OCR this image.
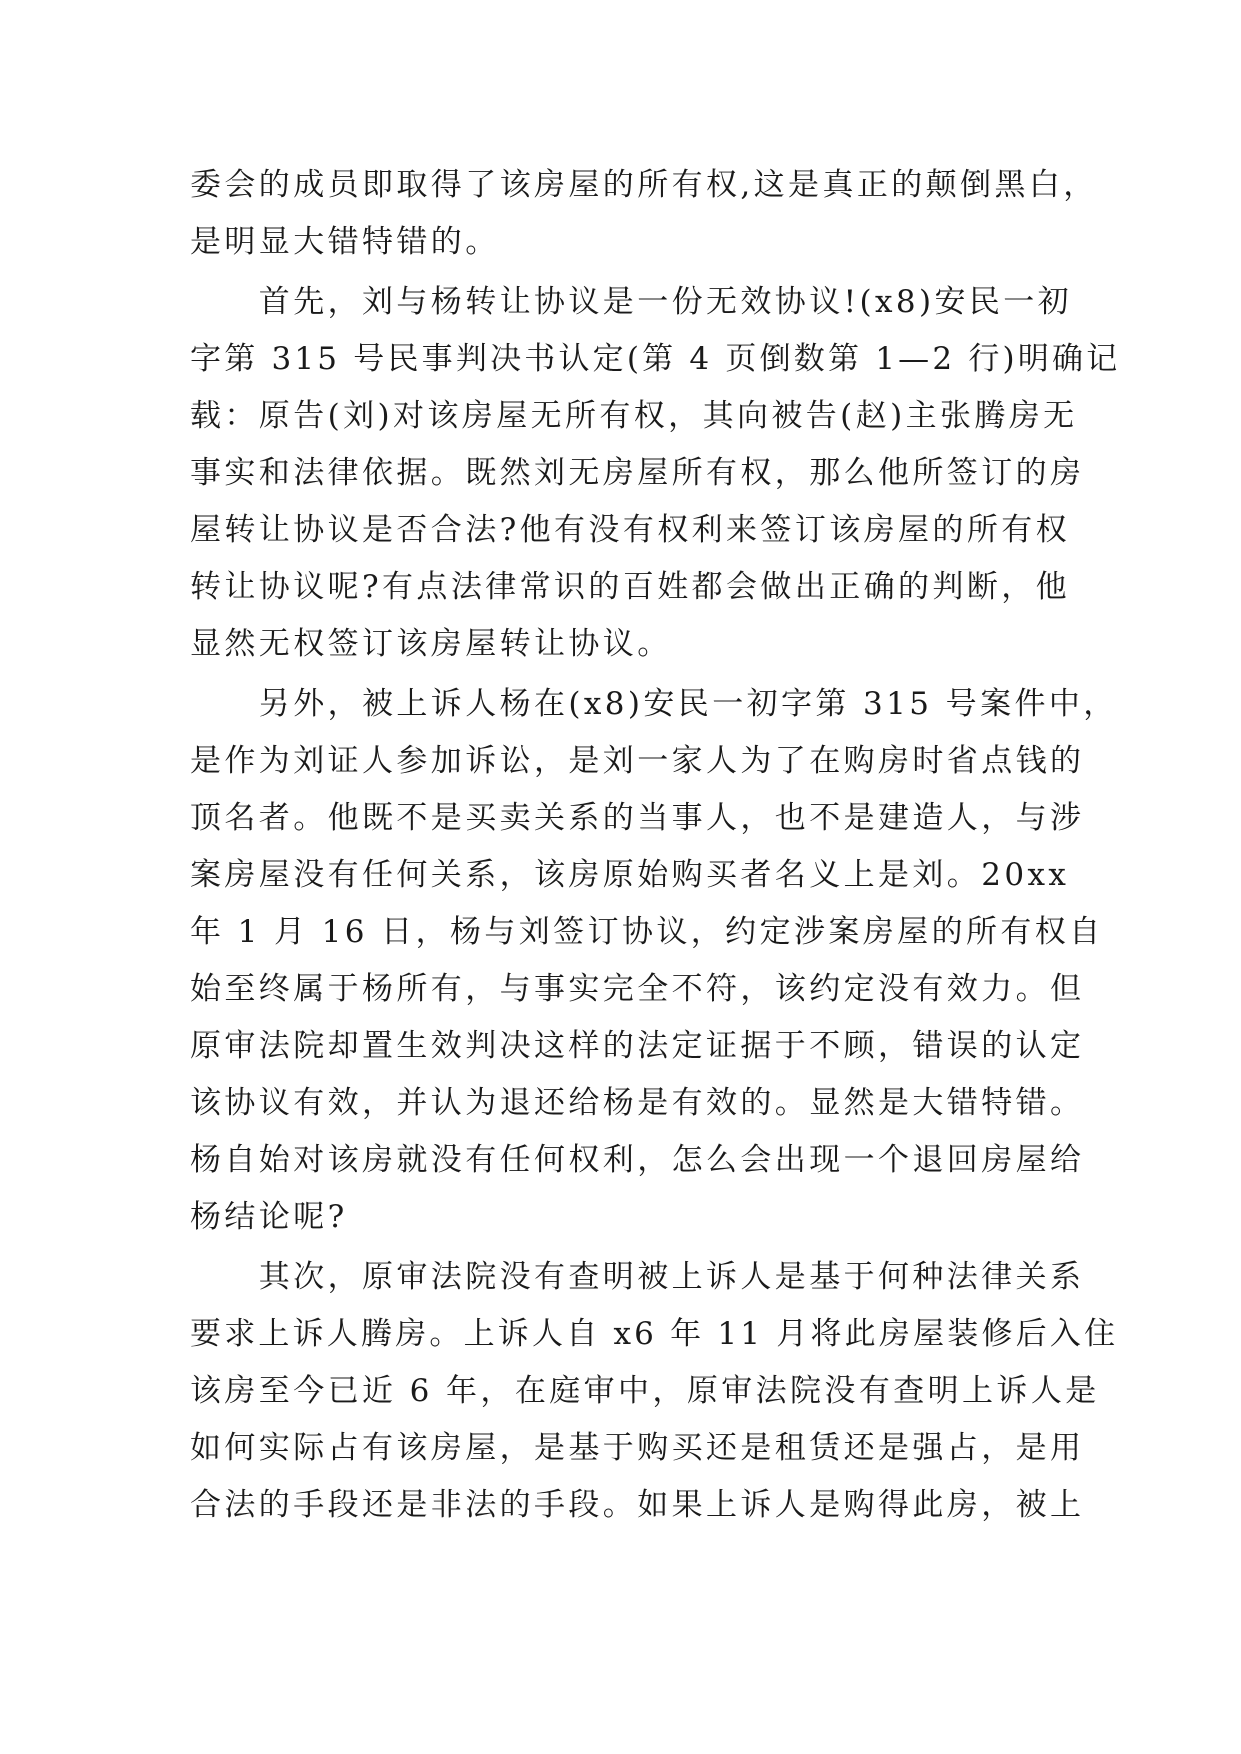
委会的成员即取得了该房屋的所有权,这是真正的颠倒黑白，
是明显大错特错的。
　　首先，刘与杨转让协议是一份无效协议!(x8)安民一初
字第 315 号民事判决书认定(第 4 页倒数第 1—2 行)明确记
载：原告(刘)对该房屋无所有权，其向被告(赵)主张腾房无
事实和法律依据。既然刘无房屋所有权，那么他所签订的房
屋转让协议是否合法?他有没有权利来签订该房屋的所有权
转让协议呢?有点法律常识的百姓都会做出正确的判断，他
显然无权签订该房屋转让协议。
　　另外，被上诉人杨在(x8)安民一初字第 315 号案件中，
是作为刘证人参加诉讼，是刘一家人为了在购房时省点钱的
顶名者。他既不是买卖关系的当事人，也不是建造人，与涉
案房屋没有任何关系，该房原始购买者名义上是刘。20xx
年 1 月 16 日，杨与刘签订协议，约定涉案房屋的所有权自
始至终属于杨所有，与事实完全不符，该约定没有效力。但
原审法院却置生效判决这样的法定证据于不顾，错误的认定
该协议有效，并认为退还给杨是有效的。显然是大错特错。
杨自始对该房就没有任何权利，怎么会出现一个退回房屋给
杨结论呢?
　　其次，原审法院没有查明被上诉人是基于何种法律关系
要求上诉人腾房。上诉人自 x6 年 11 月将此房屋装修后入住
该房至今已近 6 年，在庭审中，原审法院没有查明上诉人是
如何实际占有该房屋，是基于购买还是租赁还是强占，是用
合法的手段还是非法的手段。如果上诉人是购得此房，被上
